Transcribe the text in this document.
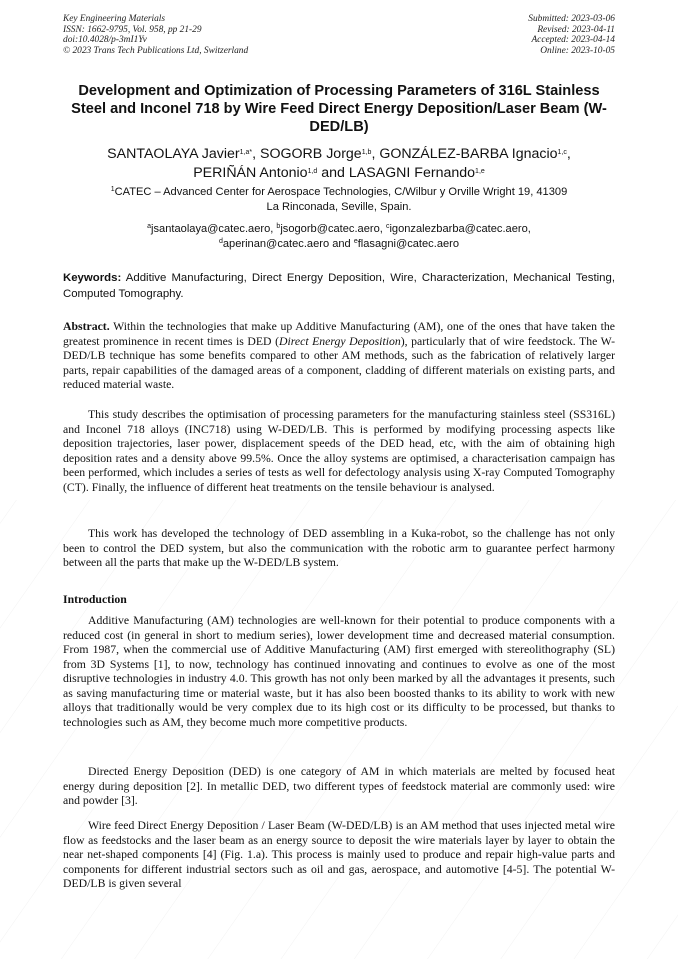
Key Engineering Materials
ISSN: 1662-9795, Vol. 958, pp 21-29
doi:10.4028/p-3mI1Yv
© 2023 Trans Tech Publications Ltd, Switzerland
Submitted: 2023-03-06
Revised: 2023-04-11
Accepted: 2023-04-14
Online: 2023-10-05
Development and Optimization of Processing Parameters of 316L Stainless Steel and Inconel 718 by Wire Feed Direct Energy Deposition/Laser Beam (W-DED/LB)
SANTAOLAYA Javier$^{1,a*}$, SOGORB Jorge$^{1,b}$, GONZÁLEZ-BARBA Ignacio$^{1,c}$,
PERIÑÁN Antonio$^{1,d}$ and LASAGNI Fernando$^{1,e}$
$^1$CATEC – Advanced Center for Aerospace Technologies, C/Wilbur y Orville Wright 19, 41309
La Rinconada, Seville, Spain.
$^a$jsantaolaya@catec.aero, $^b$jsogorb@catec.aero, $^c$igonzalezbarba@catec.aero,
$^d$aperinan@catec.aero and $^e$flasagni@catec.aero
Keywords: Additive Manufacturing, Direct Energy Deposition, Wire, Characterization, Mechanical Testing, Computed Tomography.

Abstract. Within the technologies that make up Additive Manufacturing (AM), one of the ones that have taken the greatest prominence in recent times is DED (Direct Energy Deposition), particularly that of wire feedstock. The W-DED/LB technique has some benefits compared to other AM methods, such as the fabrication of relatively larger parts, repair capabilities of the damaged areas of a component, cladding of different materials on existing parts, and reduced material waste.

This study describes the optimisation of processing parameters for the manufacturing stainless steel (SS316L) and Inconel 718 alloys (INC718) using W-DED/LB. This is performed by modifying processing aspects like deposition trajectories, laser power, displacement speeds of the DED head, etc, with the aim of obtaining high deposition rates and a density above 99.5%. Once the alloy systems are optimised, a characterisation campaign has been performed, which includes a series of tests as well for defectology analysis using X-ray Computed Tomography (CT). Finally, the influence of different heat treatments on the tensile behaviour is analysed.

This work has developed the technology of DED assembling in a Kuka-robot, so the challenge has not only been to control the DED system, but also the communication with the robotic arm to guarantee perfect harmony between all the parts that make up the W-DED/LB system.

Introduction

Additive Manufacturing (AM) technologies are well-known for their potential to produce components with a reduced cost (in general in short to medium series), lower development time and decreased material consumption. From 1987, when the commercial use of Additive Manufacturing (AM) first emerged with stereolithography (SL) from 3D Systems [1], to now, technology has continued innovating and continues to evolve as one of the most disruptive technologies in industry 4.0. This growth has not only been marked by all the advantages it presents, such as saving manufacturing time or material waste, but it has also been boosted thanks to its ability to work with new alloys that traditionally would be very complex due to its high cost or its difficulty to be processed, but thanks to technologies such as AM, they become much more competitive products.

Directed Energy Deposition (DED) is one category of AM in which materials are melted by focused heat energy during deposition [2]. In metallic DED, two different types of feedstock material are commonly used: wire and powder [3].

Wire feed Direct Energy Deposition / Laser Beam (W-DED/LB) is an AM method that uses injected metal wire flow as feedstocks and the laser beam as an energy source to deposit the wire materials layer by layer to obtain the near net-shaped components [4] (Fig. 1.a). This process is mainly used to produce and repair high-value parts and components for different industrial sectors such as oil and gas, aerospace, and automotive [4-5]. The potential W-DED/LB is given several
